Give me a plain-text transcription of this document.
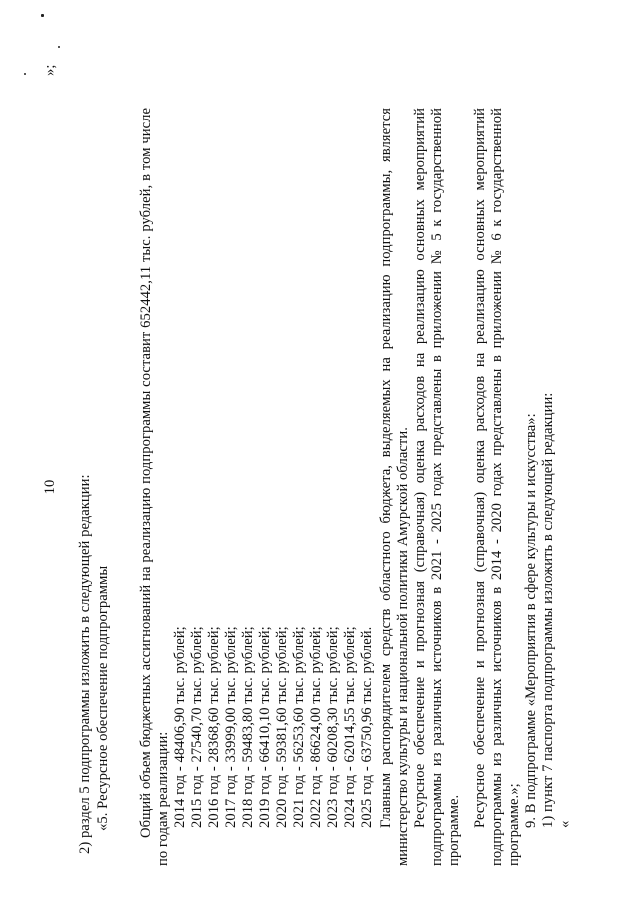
10
»;
2) раздел 5 подпрограммы изложить в следующей редакции: «5. Ресурсное обеспечение подпрограммы Общий объем бюджетных ассигнований на реализацию подпрограммы составит 652442,11 тыс. рублей, в том числе по годам реализации: 2014 год - 48406,90 тыс. рублей; 2015 год - 27540,70 тыс. рублей; 2016 год - 28368,60 тыс. рублей; 2017 год - 33999,00 тыс. рублей; 2018 год - 59483,80 тыс. рублей; 2019 год - 66410,10 тыс. рублей; 2020 год - 59381,60 тыс. рублей; 2021 год - 56253,60 тыс. рублей; 2022 год - 86624,00 тыс. рублей; 2023 год - 60208,30 тыс. рублей; 2024 год - 62014,55 тыс. рублей; 2025 год - 63750,96 тыс. рублей. Главным распорядителем средств областного бюджета, выделяемых на реализацию подпрограммы, является министерство культуры и национальной политики Амурской области. Ресурсное обеспечение и прогнозная (справочная) оценка расходов на реализацию основных мероприятий подпрограммы из различных источников в 2021 - 2025 годах представлены в приложении № 5 к государственной программе.
Ресурсное обеспечение и прогнозная (справочная) оценка расходов на реализацию основных мероприятий подпрограммы из различных источников в 2014 - 2020 годах представлены в приложении № 6 к государственной программе.»; 9. В подпрограмме «Мероприятия в сфере культуры и искусства»: 1) пункт 7 паспорта подпрограммы изложить в следующей редакции: «
